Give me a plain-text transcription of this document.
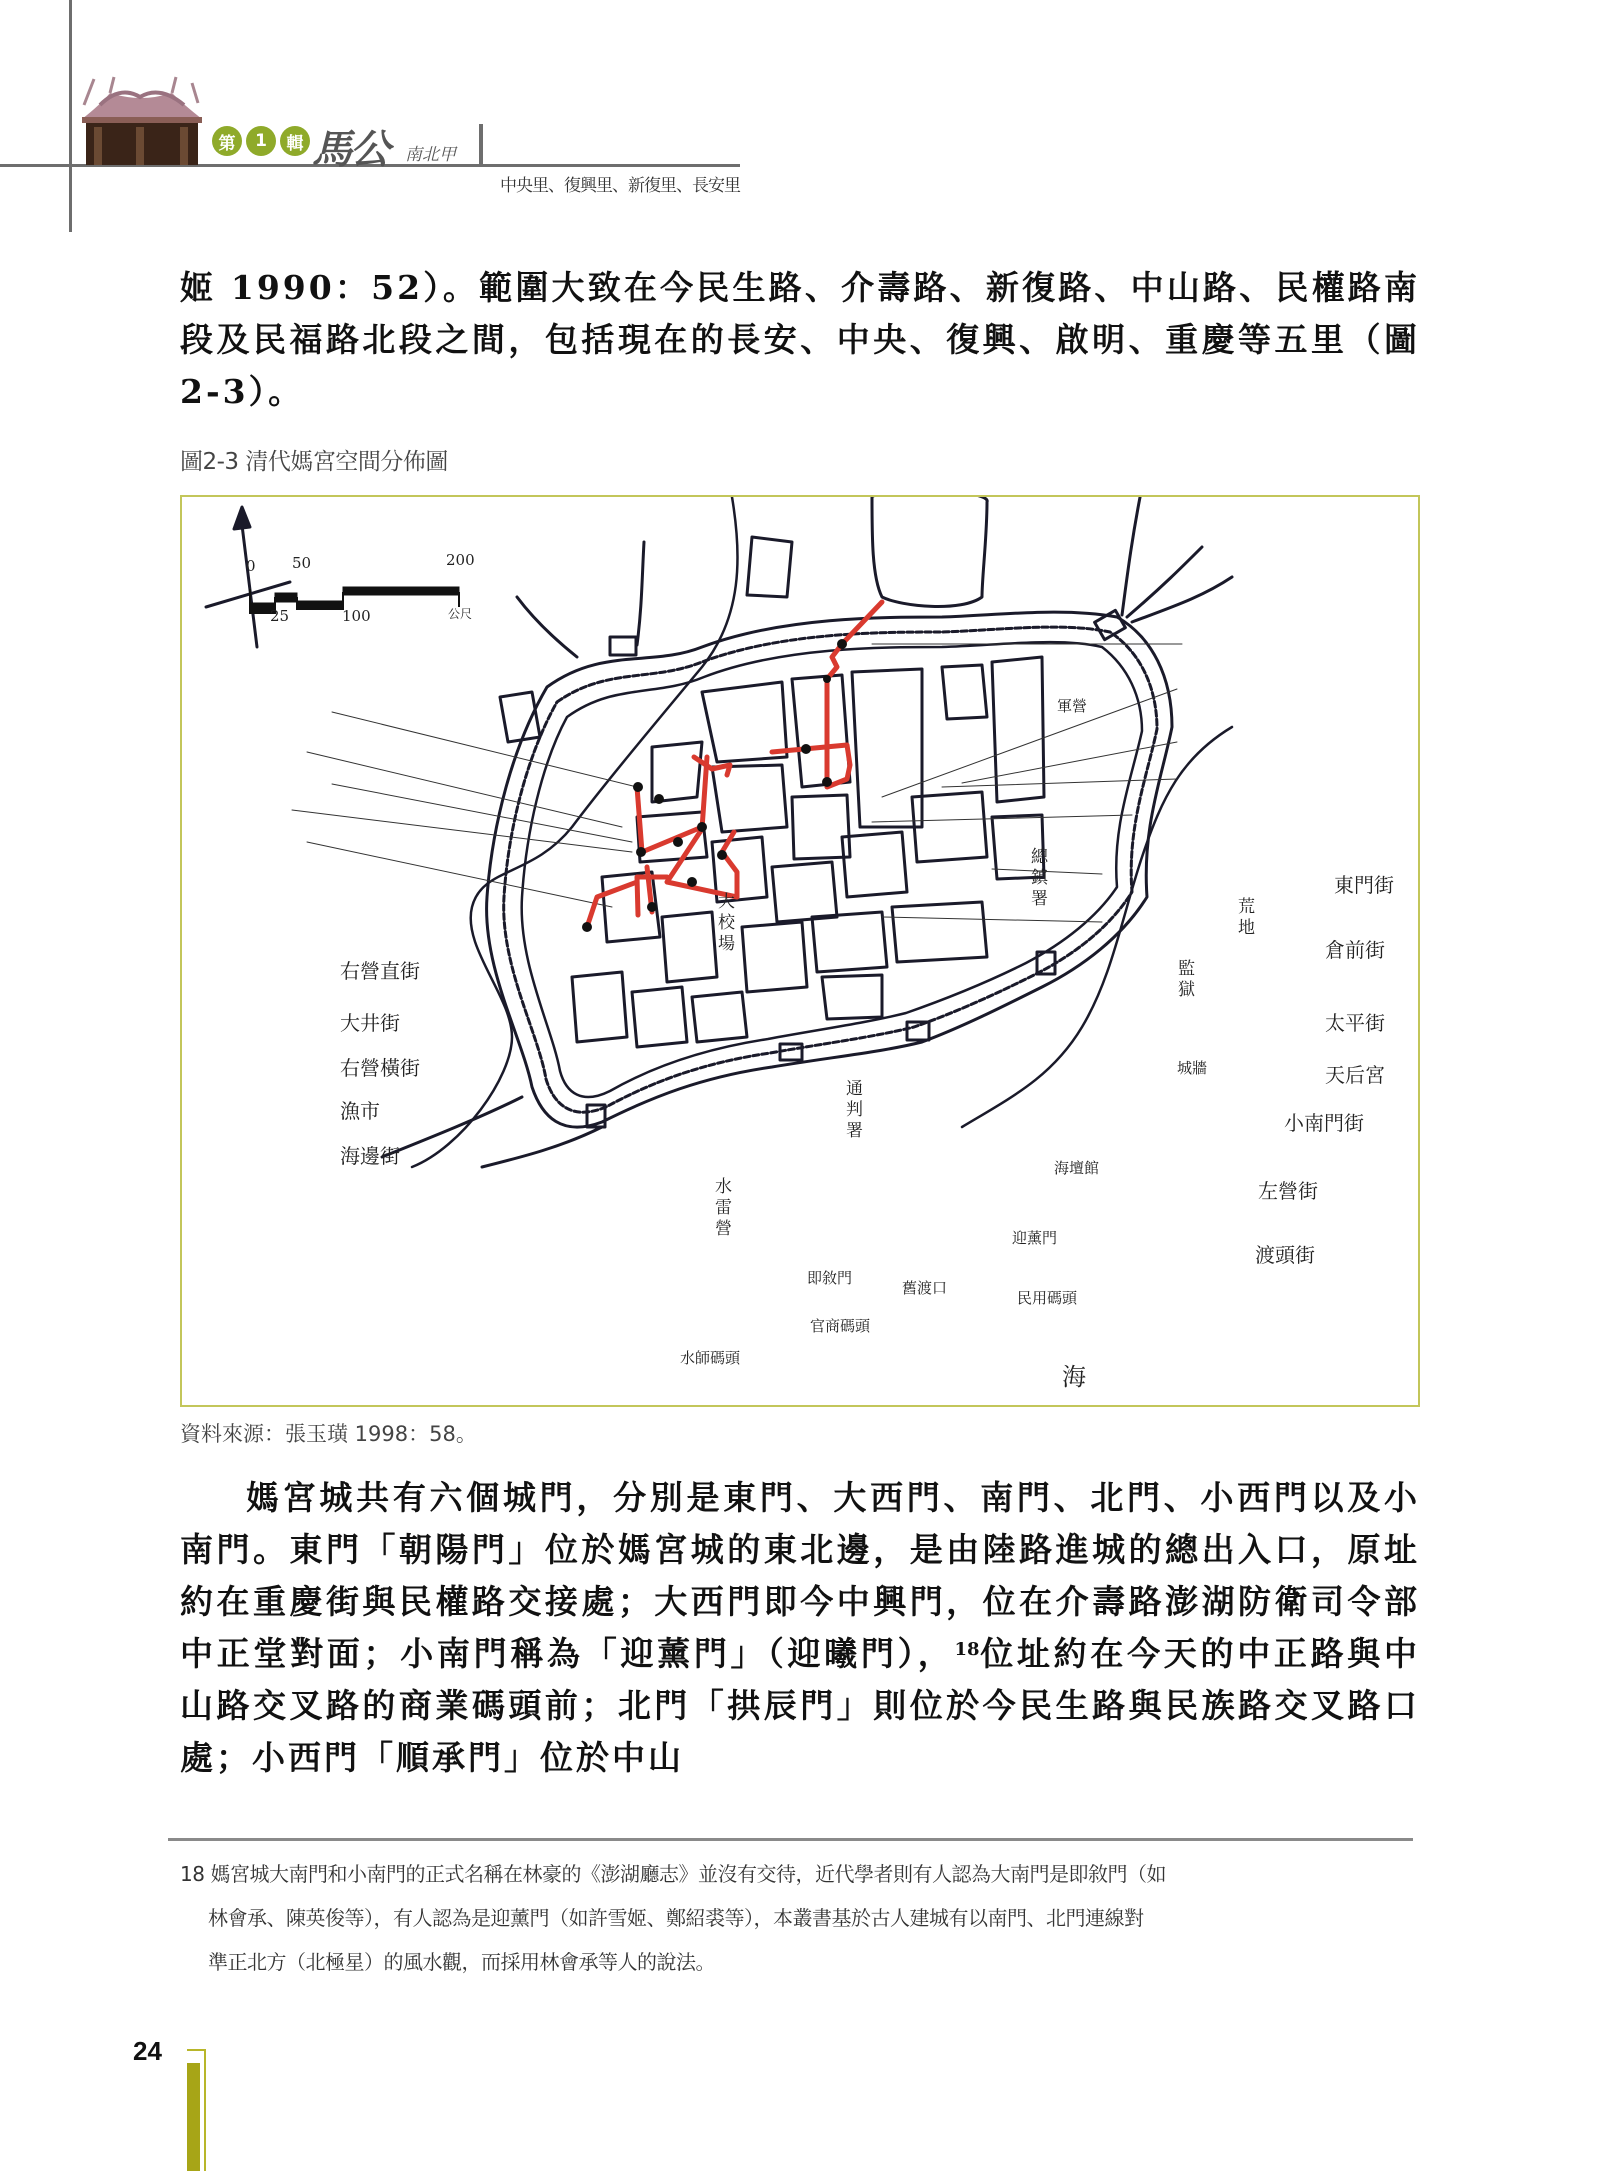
第	1	輯 馬公 南北甲
中央里、復興里、新復里、長安里
姬 1990：52）。範圍大致在今民生路、介壽路、新復路、中山路、民權路南段及民福路北段之間，包括現在的長安、中央、復興、啟明、重慶等五里（圖2-3）。
圖2-3 清代媽宮空間分佈圖
0 50	200
25	100	公尺
軍營
大校場
總鎮署
荒地
監獄
城牆
通判署
水雷營
海壇館
即敘門
迎薰門
舊渡口
官商碼頭
民用碼頭
水師碼頭
海
右營直街
大井街
右營橫街
漁市
海邊街
東門街
倉前街
太平街
天后宮
小南門街
左營街
渡頭街
資料來源：張玉璜 1998：58。
媽宮城共有六個城門，分別是東門、大西門、南門、北門、小西門以及小南門。東門「朝陽門」位於媽宮城的東北邊，是由陸路進城的總出入口，原址約在重慶街與民權路交接處；大西門即今中興門，位在介壽路澎湖防衛司令部中正堂對面；小南門稱為「迎薰門」（迎曦門），$^{18}$位址約在今天的中正路與中山路交叉路的商業碼頭前；北門「拱辰門」則位於今民生路與民族路交叉路口處；小西門「順承門」位於中山
18 媽宮城大南門和小南門的正式名稱在林豪的《澎湖廳志》並沒有交待，近代學者則有人認為大南門是即敘門（如
林會承、陳英俊等），有人認為是迎薰門（如許雪姬、鄭紹裘等），本叢書基於古人建城有以南門、北門連線對
準正北方（北極星）的風水觀，而採用林會承等人的說法。
24
